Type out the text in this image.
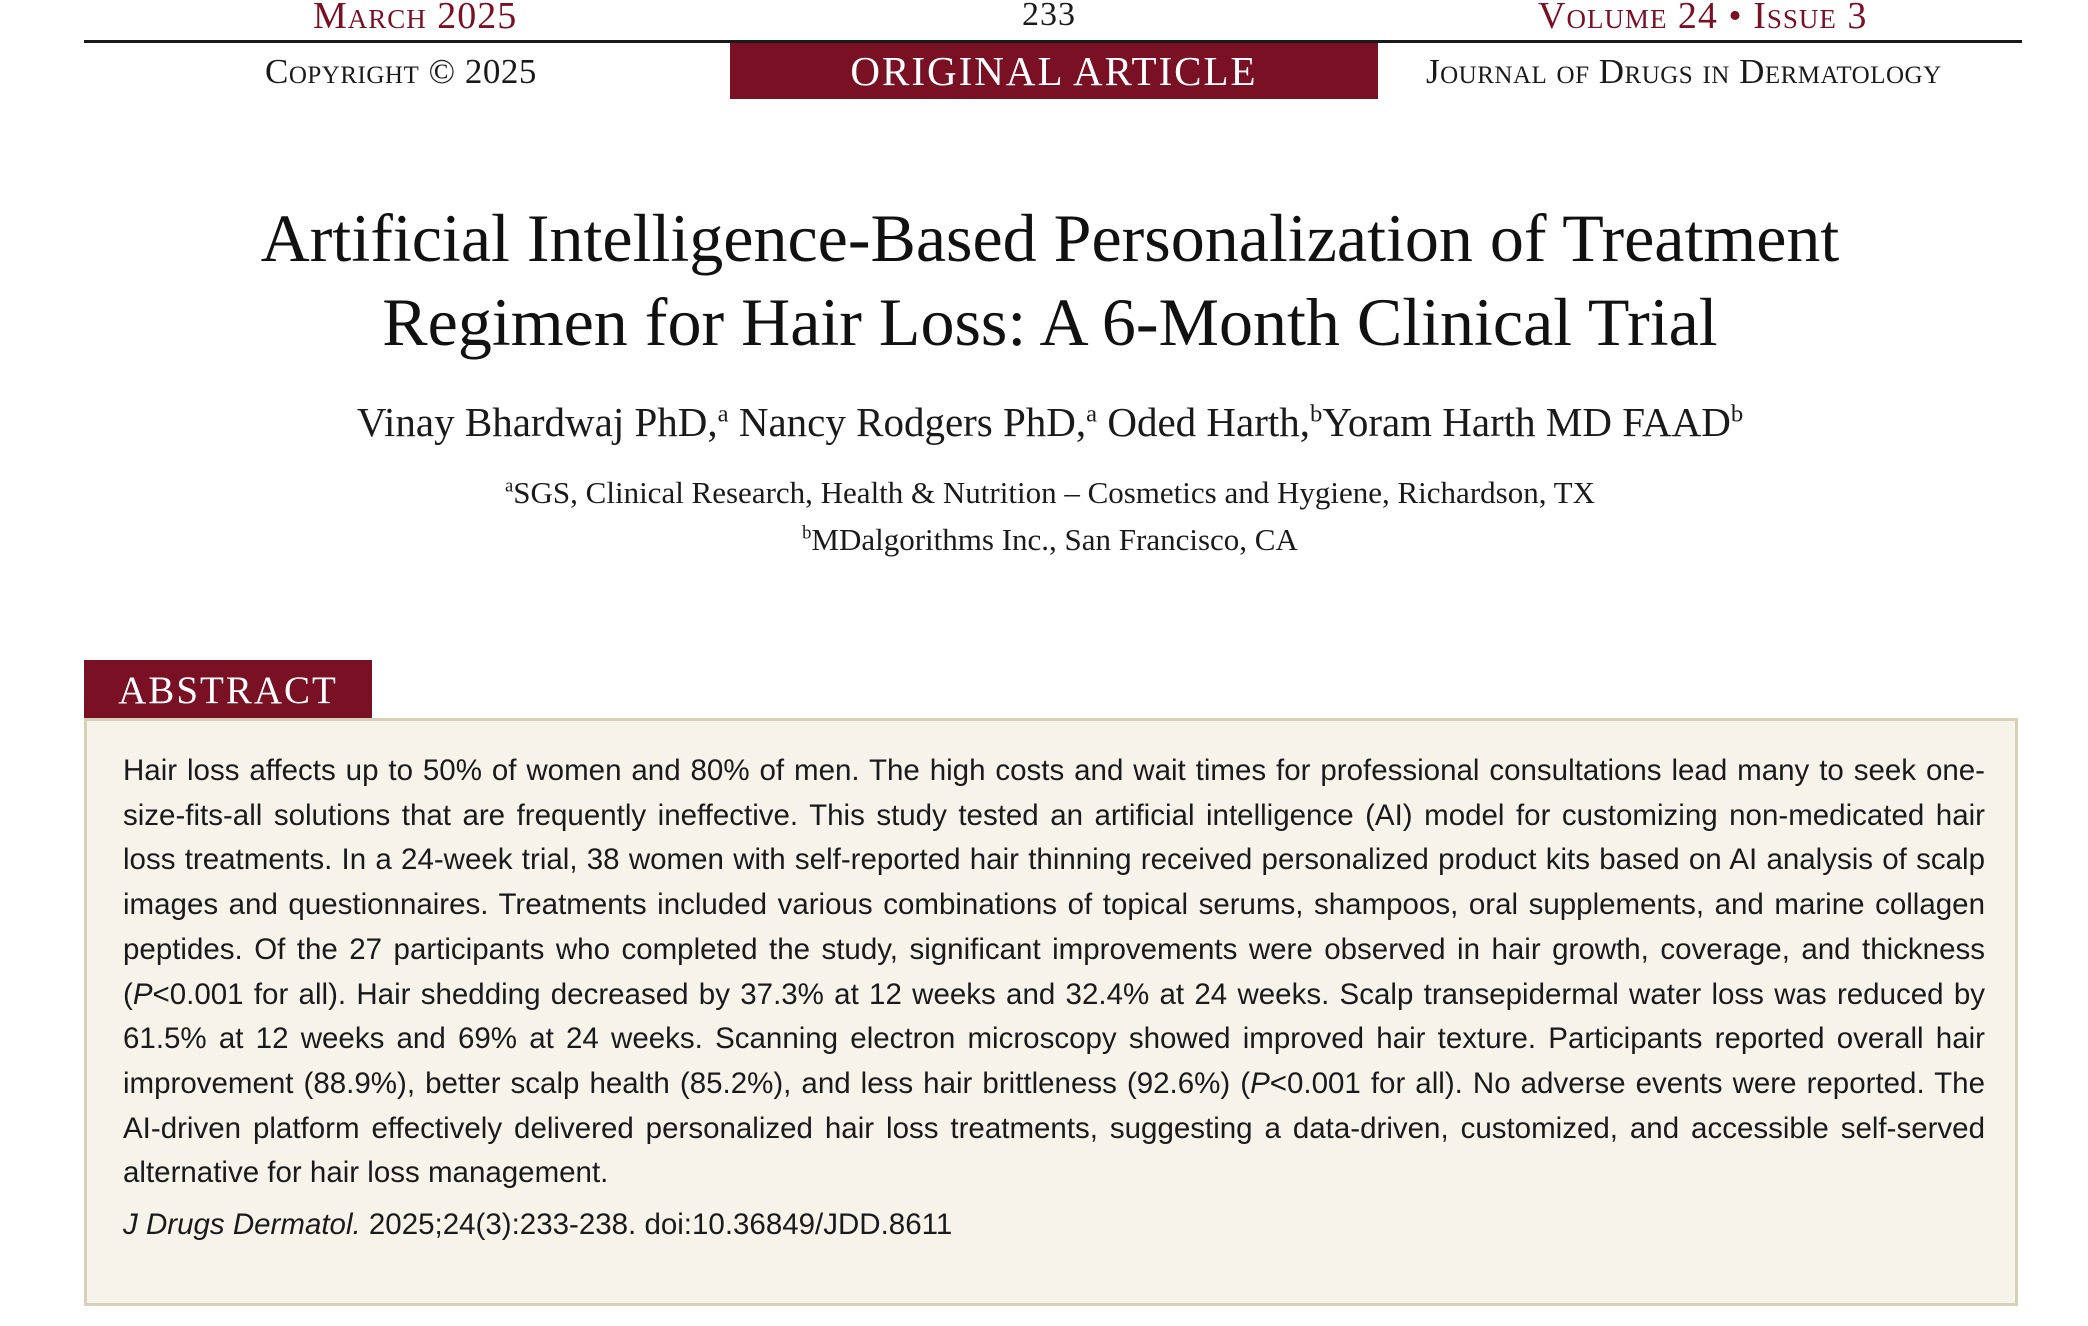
March 2025	233	Volume 24 • Issue 3
Copyright © 2025	ORIGINAL ARTICLE	Journal of Drugs in Dermatology
Artificial Intelligence-Based Personalization of Treatment
Regimen for Hair Loss: A 6-Month Clinical Trial
Vinay Bhardwaj PhD,$^a$ Nancy Rodgers PhD,$^a$ Oded Harth,$^b$Yoram Harth MD FAAD$^b$
$^a$SGS, Clinical Research, Health & Nutrition – Cosmetics and Hygiene, Richardson, TX
$^b$MDalgorithms Inc., San Francisco, CA
ABSTRACT
Hair loss affects up to 50% of women and 80% of men. The high costs and wait times for professional consultations lead many to seek one-size-fits-all solutions that are frequently ineffective. This study tested an artificial intelligence (AI) model for customizing non-medicated hair loss treatments. In a 24-week trial, 38 women with self-reported hair thinning received personalized product kits based on AI analysis of scalp images and questionnaires. Treatments included various combinations of topical serums, shampoos, oral supplements, and marine collagen peptides. Of the 27 participants who completed the study, significant improvements were observed in hair growth, coverage, and thickness (P<0.001 for all). Hair shedding decreased by 37.3% at 12 weeks and 32.4% at 24 weeks. Scalp transepidermal water loss was reduced by 61.5% at 12 weeks and 69% at 24 weeks. Scanning electron microscopy showed improved hair texture. Participants reported overall hair improvement (88.9%), better scalp health (85.2%), and less hair brittleness (92.6%) (P<0.001 for all). No adverse events were reported. The AI-driven platform effectively delivered personalized hair loss treatments, suggesting a data-driven, customized, and accessible self-served alternative for hair loss management.
J Drugs Dermatol. 2025;24(3):233-238. doi:10.36849/JDD.8611
